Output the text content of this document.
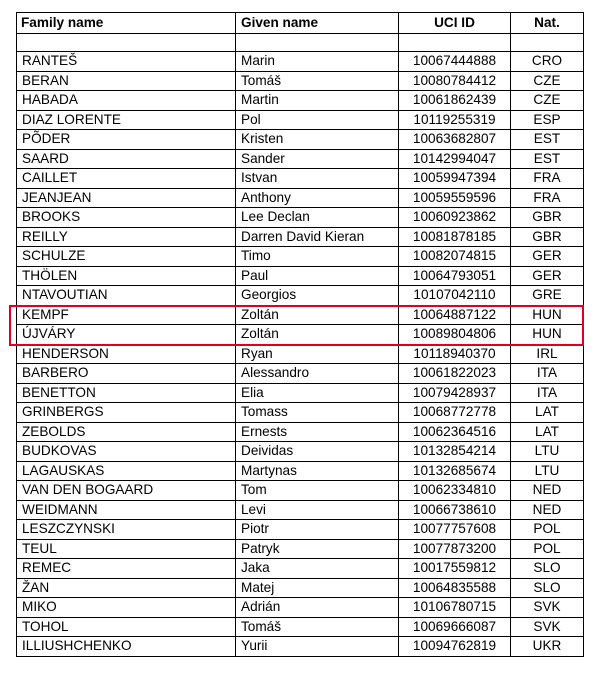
Family name	Given name	UCI ID	Nat.

RANTEŠ	Marin	10067444888	CRO
BERAN	Tomáš	10080784412	CZE
HABADA	Martin	10061862439	CZE
DIAZ LORENTE	Pol	10119255319	ESP
PÕDER	Kristen	10063682807	EST
SAARD	Sander	10142994047	EST
CAILLET	Istvan	10059947394	FRA
JEANJEAN	Anthony	10059559596	FRA
BROOKS	Lee Declan	10060923862	GBR
REILLY	Darren David Kieran	10081878185	GBR
SCHULZE	Timo	10082074815	GER
THÖLEN	Paul	10064793051	GER
NTAVOUTIAN	Georgios	10107042110	GRE
KEMPF	Zoltán	10064887122	HUN
ÚJVÁRY	Zoltán	10089804806	HUN
HENDERSON	Ryan	10118940370	IRL
BARBERO	Alessandro	10061822023	ITA
BENETTON	Elia	10079428937	ITA
GRINBERGS	Tomass	10068772778	LAT
ZEBOLDS	Ernests	10062364516	LAT
BUDKOVAS	Deividas	10132854214	LTU
LAGAUSKAS	Martynas	10132685674	LTU
VAN DEN BOGAARD	Tom	10062334810	NED
WEIDMANN	Levi	10066738610	NED
LESZCZYNSKI	Piotr	10077757608	POL
TEUL	Patryk	10077873200	POL
REMEC	Jaka	10017559812	SLO
ŽAN	Matej	10064835588	SLO
MIKO	Adrián	10106780715	SVK
TOHOL	Tomáš	10069666087	SVK
ILLIUSHCHENKO	Yurii	10094762819	UKR
